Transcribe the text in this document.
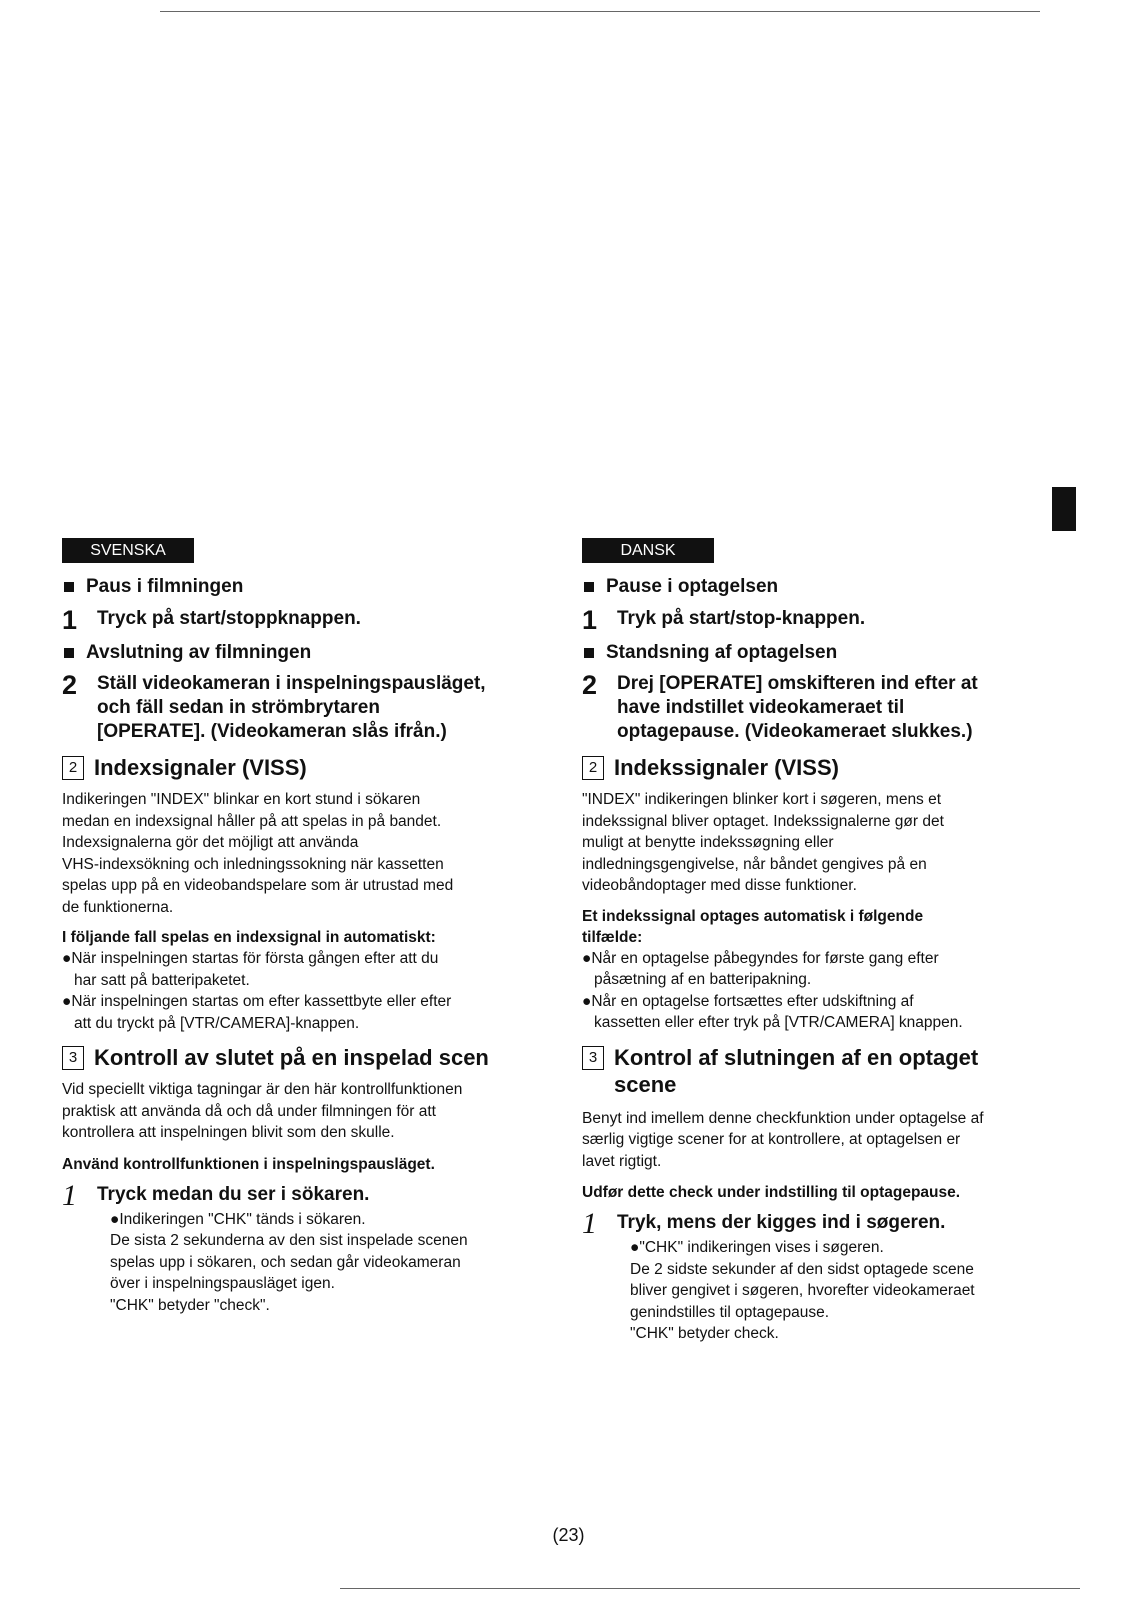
SVENSKA
Paus i filmningen
1	Tryck på start/stoppknappen.
Avslutning av filmningen
2	Ställ videokameran i inspelningspausläget,
och fäll sedan in strömbrytaren
[OPERATE]. (Videokameran slås ifrån.)
2 Indexsignaler (VISS)
Indikeringen "INDEX" blinkar en kort stund i sökaren
medan en indexsignal håller på att spelas in på bandet.
Indexsignalerna gör det möjligt att använda
VHS-indexsökning och inledningssokning när kassetten
spelas upp på en videobandspelare som är utrustad med
de funktionerna.
I följande fall spelas en indexsignal in automatiskt:
●När inspelningen startas för första gången efter att du
har satt på batteripaketet.
●När inspelningen startas om efter kassettbyte eller efter
att du tryckt på [VTR/CAMERA]-knappen.
3 Kontroll av slutet på en inspelad scen
Vid speciellt viktiga tagningar är den här kontrollfunktionen
praktisk att använda då och då under filmningen för att
kontrollera att inspelningen blivit som den skulle.
Använd kontrollfunktionen i inspelningspausläget.
1	Tryck medan du ser i sökaren.
●Indikeringen "CHK" tänds i sökaren.
De sista 2 sekunderna av den sist inspelade scenen
spelas upp i sökaren, och sedan går videokameran
över i inspelningspausläget igen.
"CHK" betyder "check".
DANSK
Pause i optagelsen
1	Tryk på start/stop-knappen.
Standsning af optagelsen
2	Drej [OPERATE] omskifteren ind efter at
have indstillet videokameraet til
optagepause. (Videokameraet slukkes.)
2 Indekssignaler (VISS)
"INDEX" indikeringen blinker kort i søgeren, mens et
indekssignal bliver optaget. Indekssignalerne gør det
muligt at benytte indekssøgning eller
indledningsgengivelse, når båndet gengives på en
videobåndoptager med disse funktioner.
Et indekssignal optages automatisk i følgende
tilfælde:
●Når en optagelse påbegyndes for første gang efter
påsætning af en batteripakning.
●Når en optagelse fortsættes efter udskiftning af
kassetten eller efter tryk på [VTR/CAMERA] knappen.
3 Kontrol af slutningen af en optaget
scene
Benyt ind imellem denne checkfunktion under optagelse af
særlig vigtige scener for at kontrollere, at optagelsen er
lavet rigtigt.
Udfør dette check under indstilling til optagepause.
1	Tryk, mens der kigges ind i søgeren.
●"CHK" indikeringen vises i søgeren.
De 2 sidste sekunder af den sidst optagede scene
bliver gengivet i søgeren, hvorefter videokameraet
genindstilles til optagepause.
"CHK" betyder check.
(23)
